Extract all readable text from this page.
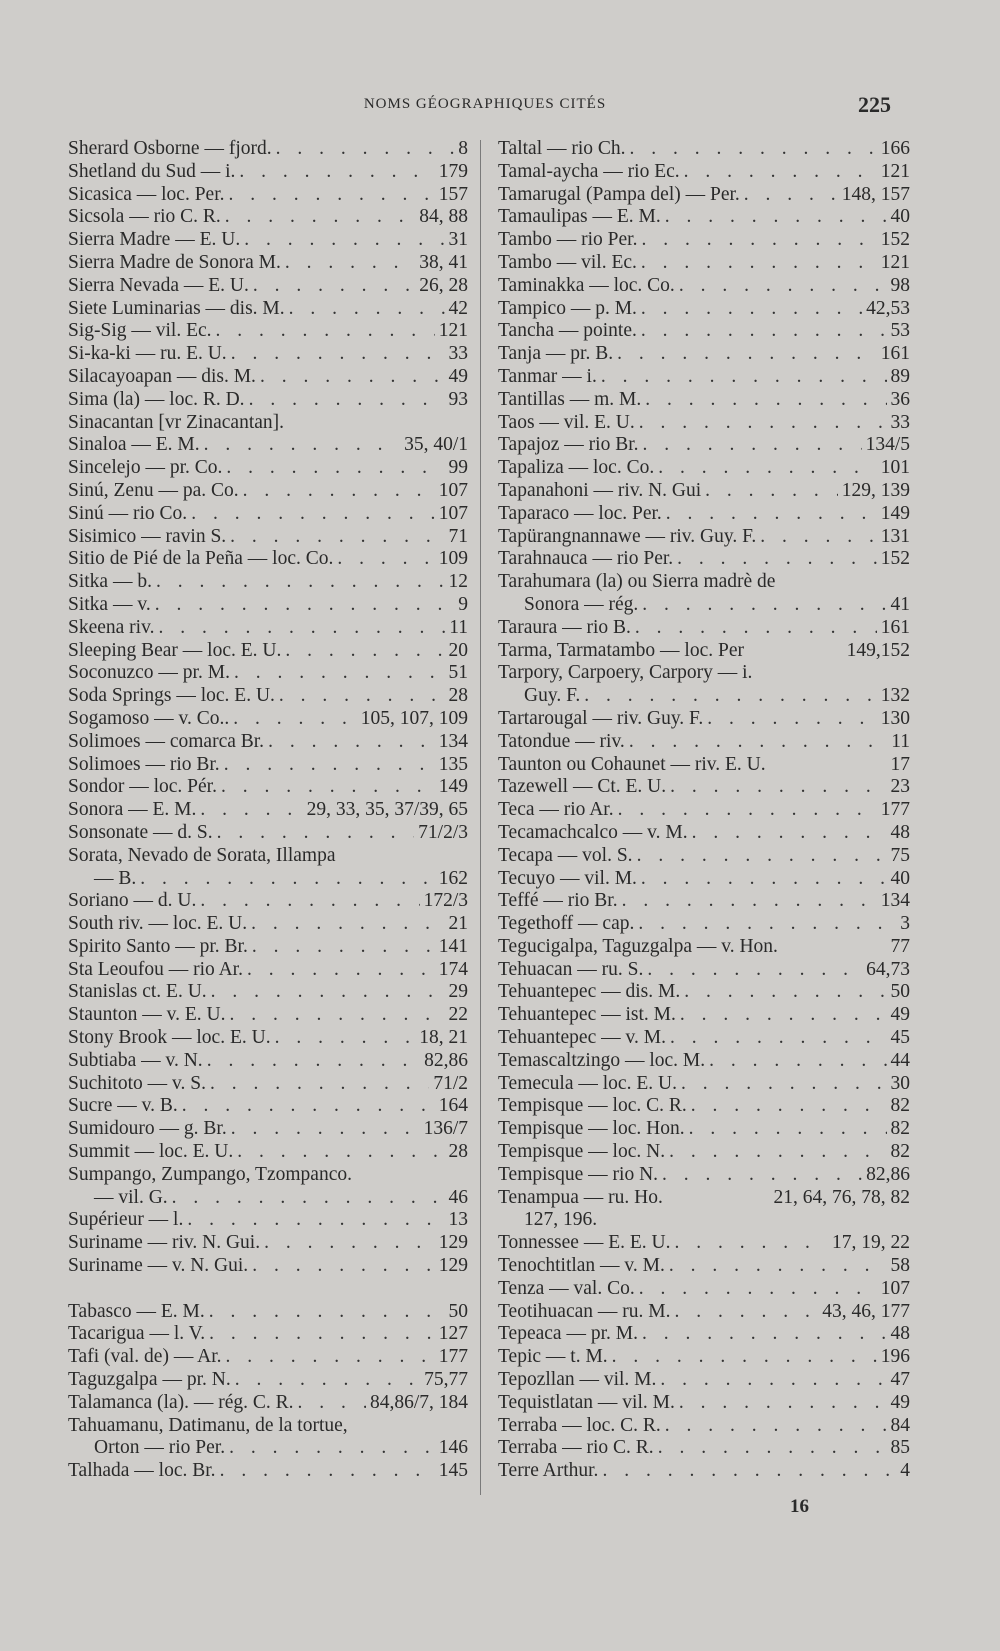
NOMS GÉOGRAPHIQUES CITÉS	225
Sherard Osborne — fjord. . . .	8
Shetland du Sud — i. . . .	179
Sicasica — loc. Per. . . .	157
Sicsola — rio C. R. . . .	84, 88
Sierra Madre — E. U. . . .	31
Sierra Madre de Sonora M. . . .	38, 41
Sierra Nevada — E. U. . . .	26, 28
Siete Luminarias — dis. M. . . .	42
Sig-Sig — vil. Ec. . . .	121
Si-ka-ki — ru. E. U. . . .	33
Silacayoapan — dis. M. . . .	49
Sima (la) — loc. R. D. . . .	93
Sinacantan [vr Zinacantan].
Sinaloa — E. M. . . .	35, 40/1
Sincelejo — pr. Co. . . .	99
Sinú, Zenu — pa. Co. . . .	107
Sinú — rio Co. . . .	107
Sisimico — ravin S. . . .	71
Sitio de Pié de la Peña — loc. Co. . . .	109
Sitka — b. . . .	12
Sitka — v. . . .	9
Skeena riv. . . .	11
Sleeping Bear — loc. E. U. . . .	20
Soconuzco — pr. M. . . .	51
Soda Springs — loc. E. U. . . .	28
Sogamoso — v. Co.. . . .	105, 107, 109
Solimoes — comarca Br. . . .	134
Solimoes — rio Br. . . .	135
Sondor — loc. Pér. . . .	149
Sonora — E. M. . . .	29, 33, 35, 37/39, 65
Sonsonate — d. S. . . .	71/2/3
Sorata, Nevado de Sorata, Illampa
— B. . . .	162
Soriano — d. U. . . .	172/3
South riv. — loc. E. U. . . .	21
Spirito Santo — pr. Br. . . .	141
Sta Leoufou — rio Ar. . . .	174
Stanislas ct. E. U. . . .	29
Staunton — v. E. U. . . .	22
Stony Brook — loc. E. U. . . .	18, 21
Subtiaba — v. N. . . .	82,86
Suchitoto — v. S. . . .	71/2
Sucre — v. B. . . .	164
Sumidouro — g. Br. . . .	136/7
Summit — loc. E. U. . . .	28
Sumpango, Zumpango, Tzompanco.
— vil. G. . . .	46
Supérieur — l. . . .	13
Suriname — riv. N. Gui. . . .	129
Suriname — v. N. Gui. . . .	129
Tabasco — E. M. . . .	50
Tacarigua — l. V. . . .	127
Tafi (val. de) — Ar. . . .	177
Taguzgalpa — pr. N. . . .	75,77
Talamanca (la). — rég. C. R. . . .	84,86/7, 184
Tahuamanu, Datimanu, de la tortue,
Orton — rio Per. . . .	146
Talhada — loc. Br. . . .	145
Taltal — rio Ch. . . .	166
Tamal-aycha — rio Ec. . . .	121
Tamarugal (Pampa del) — Per. . . .	148, 157
Tamaulipas — E. M. . . .	40
Tambo — rio Per. . . .	152
Tambo — vil. Ec. . . .	121
Taminakka — loc. Co. . . .	98
Tampico — p. M. . . .	42,53
Tancha — pointe. . . .	53
Tanja — pr. B. . . .	161
Tanmar — i. . . .	89
Tantillas — m. M. . . .	36
Taos — vil. E. U. . . .	33
Tapajoz — rio Br. . . .	134/5
Tapaliza — loc. Co. . . .	101
Tapanahoni — riv. N. Gui . . .	129, 139
Taparaco — loc. Per. . . .	149
Tapürangnannawe — riv. Guy. F. . . .	131
Tarahnauca — rio Per. . . .	152
Tarahumara (la) ou Sierra madrè de
Sonora — rég. . . .	41
Taraura — rio B. . . .	161
Tarma, Tarmatambo — loc. Per	149,152
Tarpory, Carpoery, Carpory — i.
Guy. F. . . .	132
Tartarougal — riv. Guy. F. . . .	130
Tatondue — riv. . . .	11
Taunton ou Cohaunet — riv. E. U.	17
Tazewell — Ct. E. U. . . .	23
Teca — rio Ar. . . .	177
Tecamachcalco — v. M. . . .	48
Tecapa — vol. S. . . .	75
Tecuyo — vil. M. . . .	40
Teffé — rio Br. . . .	134
Tegethoff — cap. . . .	3
Tegucigalpa, Taguzgalpa — v. Hon.	77
Tehuacan — ru. S. . . .	64,73
Tehuantepec — dis. M. . . .	50
Tehuantepec — ist. M. . . .	49
Tehuantepec — v. M. . . .	45
Temascaltzingo — loc. M. . . .	44
Temecula — loc. E. U. . . .	30
Tempisque — loc. C. R. . . .	82
Tempisque — loc. Hon. . . .	82
Tempisque — loc. N. . . .	82
Tempisque — rio N. . . .	82,86
Tenampua — ru. Ho.	21, 64, 76, 78, 82
127, 196.
Tonnessee — E. E. U. . . .	17, 19, 22
Tenochtitlan — v. M. . . .	58
Tenza — val. Co. . . .	107
Teotihuacan — ru. M. . . .	43, 46, 177
Tepeaca — pr. M. . . .	48
Tepic — t. M. . . .	196
Tepozllan — vil. M. . . .	47
Tequistlatan — vil. M. . . .	49
Terraba — loc. C. R. . . .	84
Terraba — rio C. R. . . .	85
Terre Arthur. . . .	4
16
